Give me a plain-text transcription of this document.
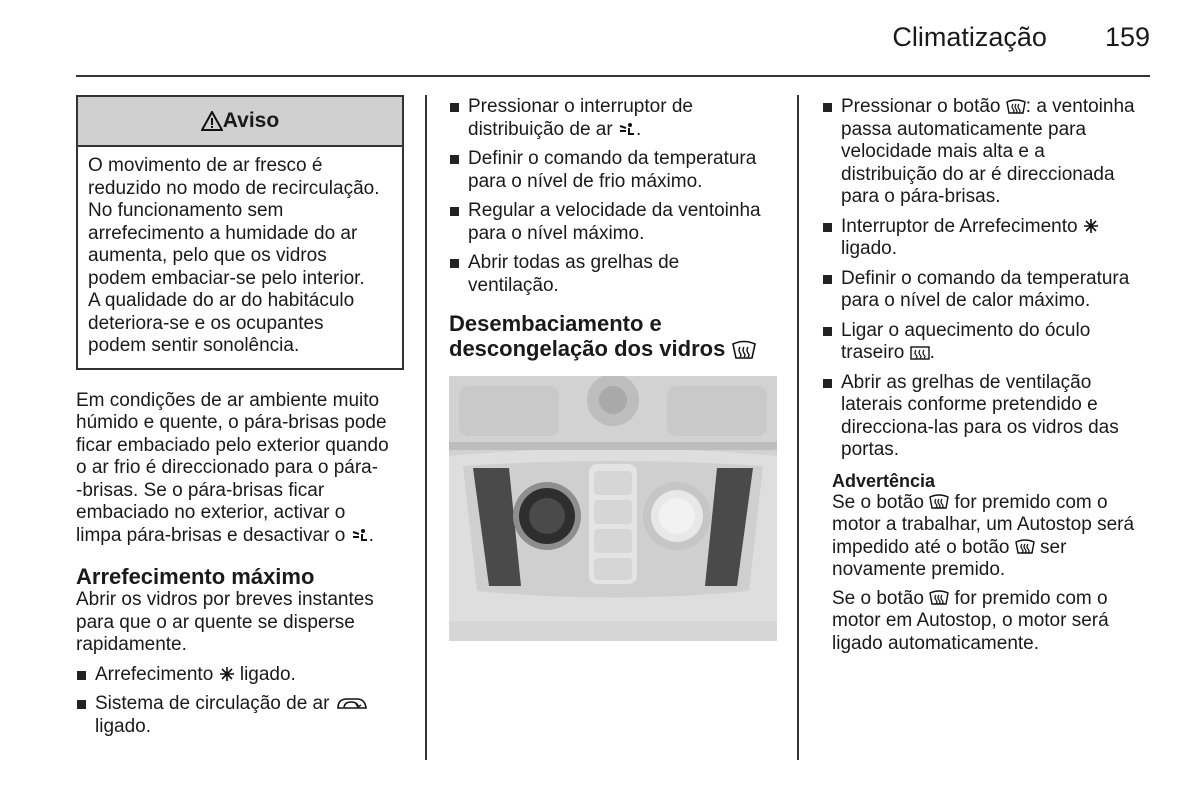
Climatização 159
Aviso
O movimento de ar fresco é
reduzido no modo de recirculação.
No funcionamento sem
arrefecimento a humidade do ar
aumenta, pelo que os vidros
podem embaciar-se pelo interior.
A qualidade do ar do habitáculo
deteriora-se e os ocupantes
podem sentir sonolência.
Em condições de ar ambiente muito
húmido e quente, o pára-brisas pode
ficar embaciado pelo exterior quando
o ar frio é direccionado para o pára-
-brisas. Se o pára-brisas ficar
embaciado no exterior, activar o
limpa pára-brisas e desactivar o .
Arrefecimento máximo
Abrir os vidros por breves instantes
para que o ar quente se disperse
rapidamente.
Arrefecimento ligado.
Sistema de circulação de ar
ligado.
Pressionar o interruptor de
distribuição de ar .
Definir o comando da temperatura
para o nível de frio máximo.
Regular a velocidade da ventoinha
para o nível máximo.
Abrir todas as grelhas de
ventilação.
Desembaciamento e
descongelação dos vidros
Pressionar o botão : a ventoinha
passa automaticamente para
velocidade mais alta e a
distribuição do ar é direccionada
para o pára-brisas.
Interruptor de Arrefecimento
ligado.
Definir o comando da temperatura
para o nível de calor máximo.
Ligar o aquecimento do óculo
traseiro .
Abrir as grelhas de ventilação
laterais conforme pretendido e
direcciona-las para os vidros das
portas.
Advertência
Se o botão for premido com o
motor a trabalhar, um Autostop será
impedido até o botão ser
novamente premido.
Se o botão for premido com o
motor em Autostop, o motor será
ligado automaticamente.
